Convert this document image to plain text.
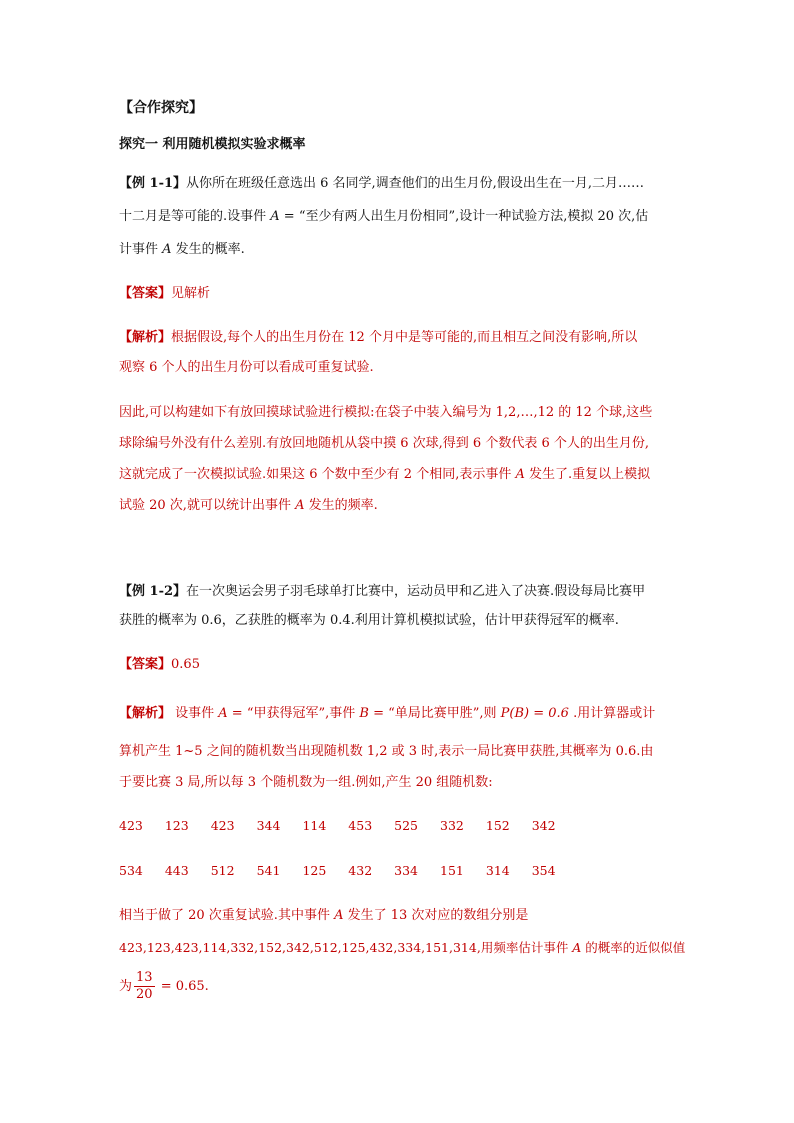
【合作探究】
探究一 利用随机模拟实验求概率
【例 1-1】从你所在班级任意选出 6 名同学,调查他们的出生月份,假设出生在一月,二月……
十二月是等可能的.设事件 A = “至少有两人出生月份相同”,设计一种试验方法,模拟 20 次,估
计事件 A 发生的概率.
【答案】见解析
【解析】根据假设,每个人的出生月份在 12 个月中是等可能的,而且相互之间没有影响,所以
观察 6 个人的出生月份可以看成可重复试验.
因此,可以构建如下有放回摸球试验进行模拟:在袋子中装入编号为 1,2,…,12 的 12 个球,这些
球除编号外没有什么差别.有放回地随机从袋中摸 6 次球,得到 6 个数代表 6 个人的出生月份,
这就完成了一次模拟试验.如果这 6 个数中至少有 2 个相同,表示事件 A 发生了.重复以上模拟
试验 20 次,就可以统计出事件 A 发生的频率.
【例 1-2】在一次奥运会男子羽毛球单打比赛中，运动员甲和乙进入了决赛.假设每局比赛甲
获胜的概率为 0.6，乙获胜的概率为 0.4.利用计算机模拟试验，估计甲获得冠军的概率.
【答案】0.65
【解析】 设事件 A = “甲获得冠军”,事件 B = “单局比赛甲胜”,则 P(B) = 0.6 .用计算器或计
算机产生 1~5 之间的随机数当出现随机数 1,2 或 3 时,表示一局比赛甲获胜,其概率为 0.6.由
于要比赛 3 局,所以每 3 个随机数为一组.例如,产生 20 组随机数:
423 123 423 344 114 453 525 332 152 342
534 443 512 541 125 432 334 151 314 354
相当于做了 20 次重复试验.其中事件 A 发生了 13 次对应的数组分别是
423,123,423,114,332,152,342,512,125,432,334,151,314,用频率估计事件 A 的概率的近似似值
为 $\frac{13}{20} = 0.65$.
